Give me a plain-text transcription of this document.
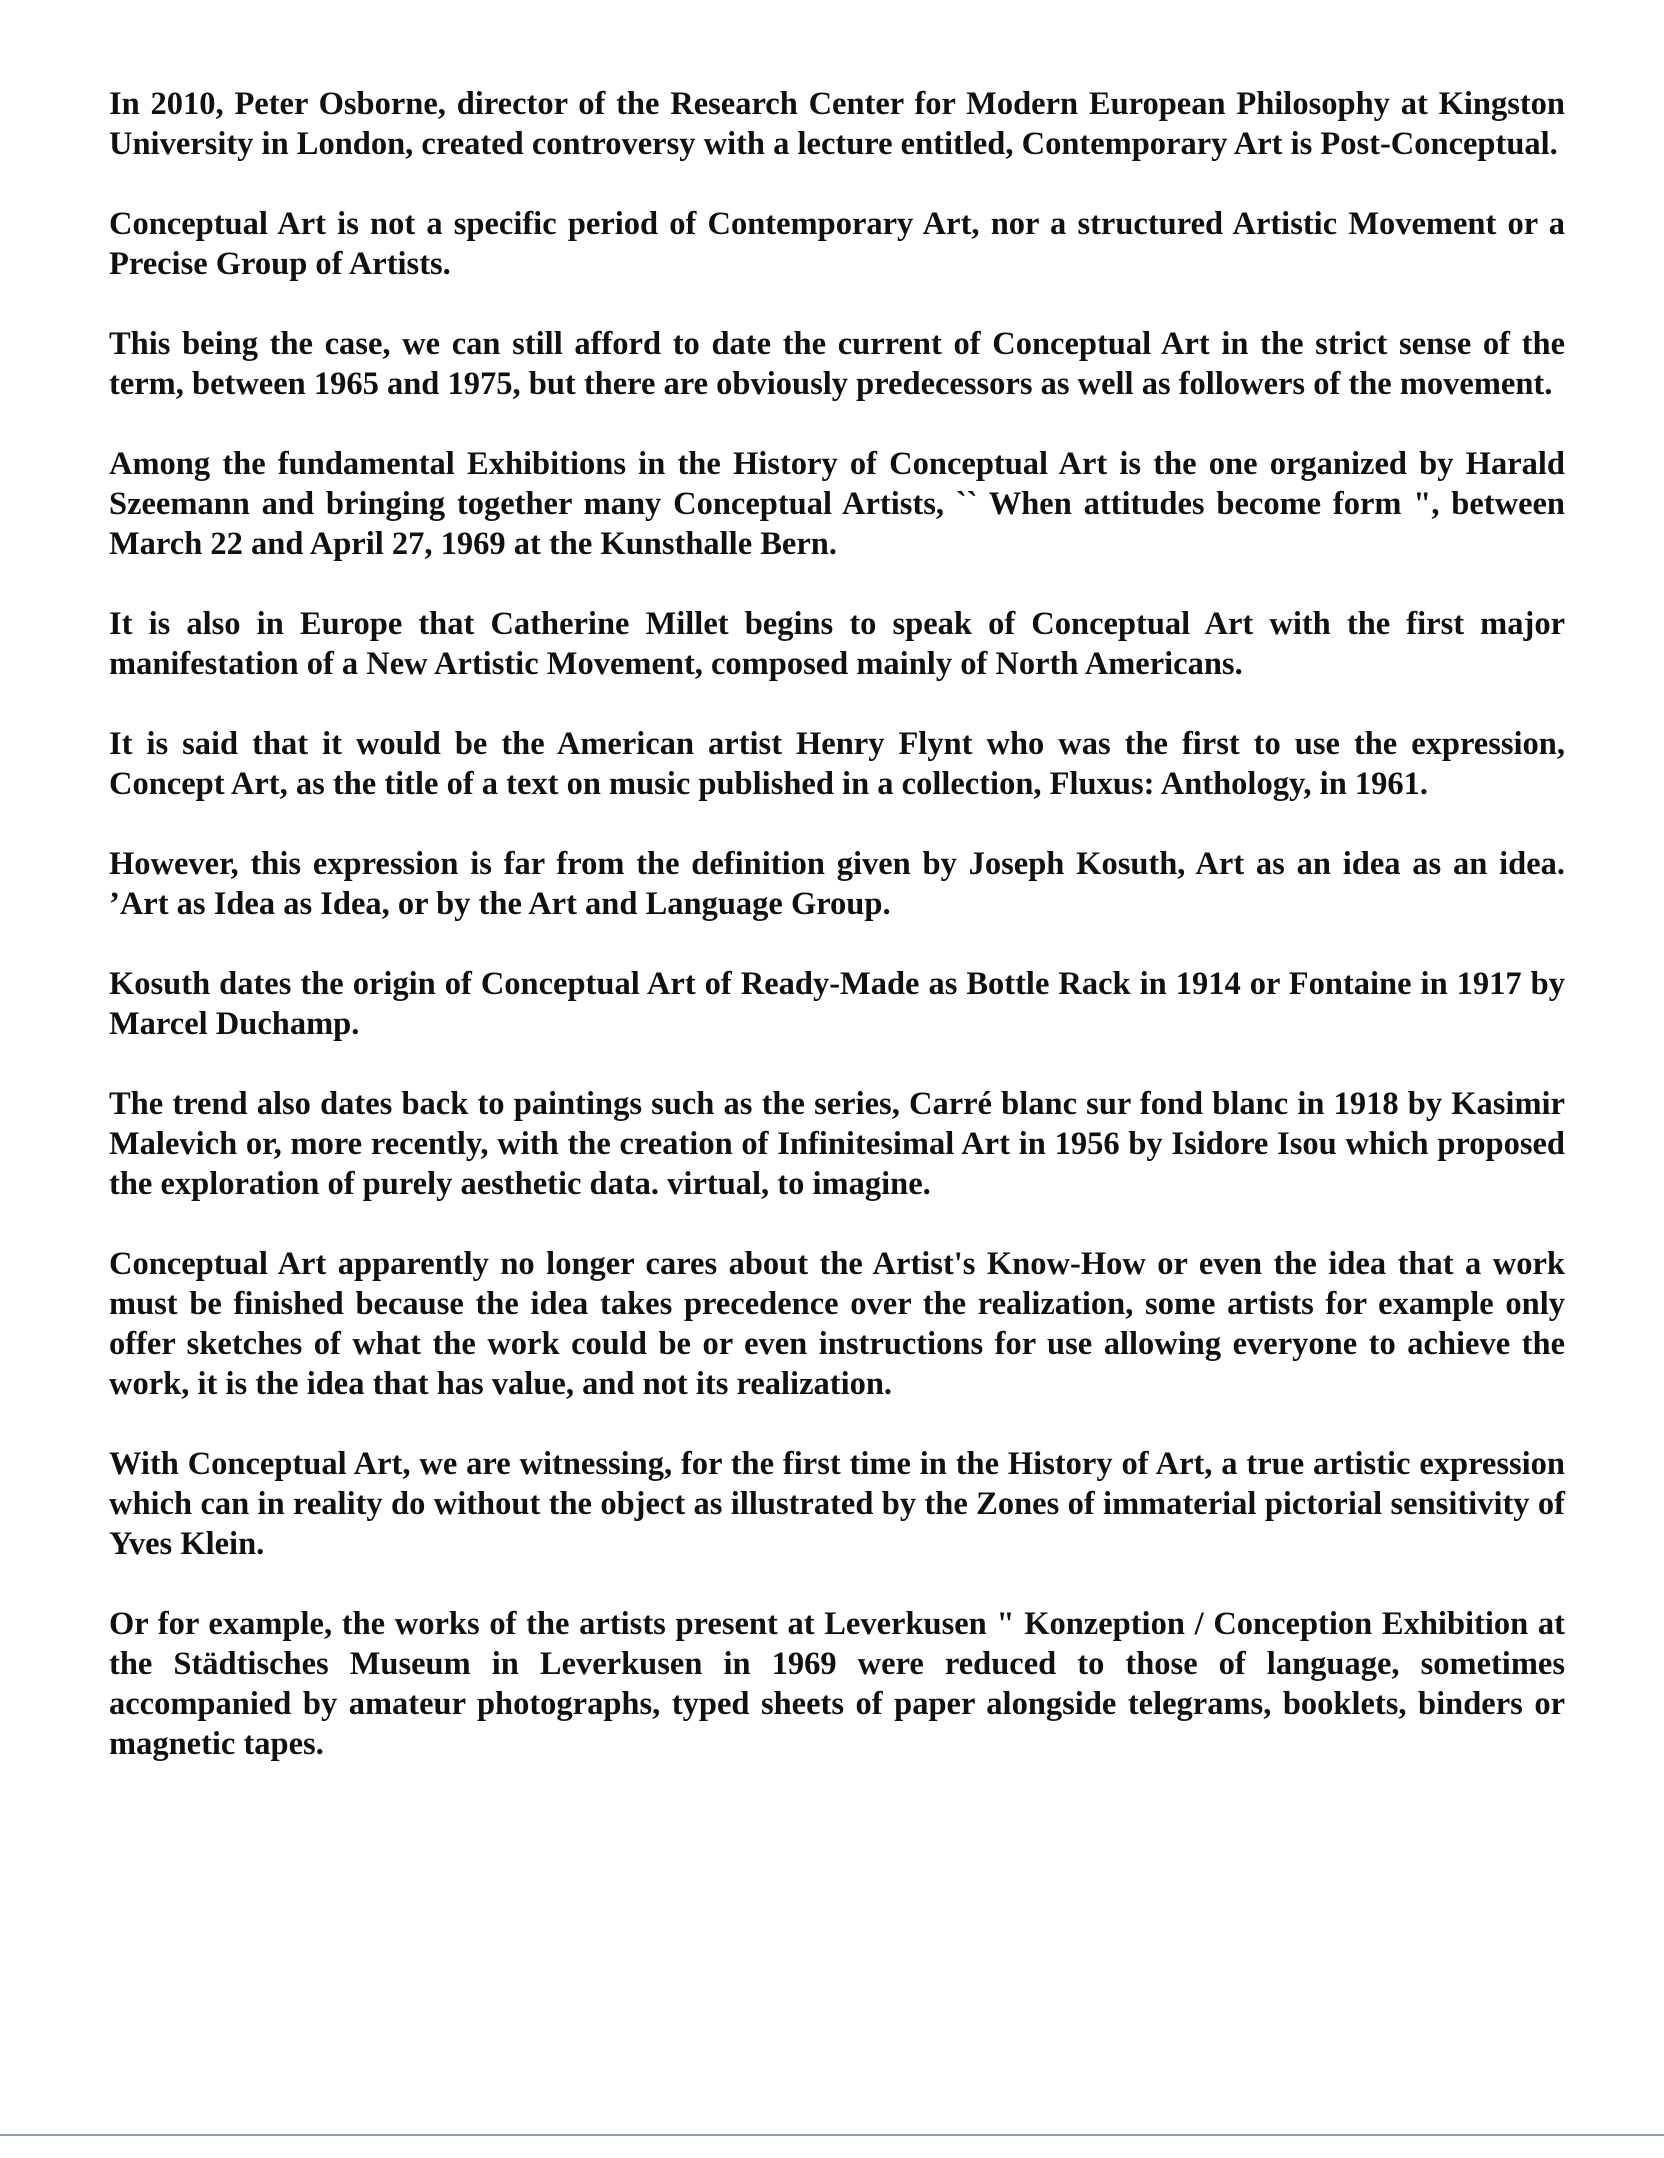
In 2010, Peter Osborne, director of the Research Center for Modern European Philosophy at Kingston University in London, created controversy with a lecture entitled, Contemporary Art is Post-Conceptual.

Conceptual Art is not a specific period of Contemporary Art, nor a structured Artistic Movement or a Precise Group of Artists.

This being the case, we can still afford to date the current of Conceptual Art in the strict sense of the term, between 1965 and 1975, but there are obviously predecessors as well as followers of the movement.

Among the fundamental Exhibitions in the History of Conceptual Art is the one organized by Harald Szeemann and bringing together many Conceptual Artists, `` When attitudes become form ", between March 22 and April 27, 1969 at the Kunsthalle Bern.

It is also in Europe that Catherine Millet begins to speak of Conceptual Art with the first major manifestation of a New Artistic Movement, composed mainly of North Americans.

It is said that it would be the American artist Henry Flynt who was the first to use the expression, Concept Art, as the title of a text on music published in a collection, Fluxus: Anthology, in 1961.

However, this expression is far from the definition given by Joseph Kosuth, Art as an idea as an idea. ’Art as Idea as Idea, or by the Art and Language Group.

Kosuth dates the origin of Conceptual Art of Ready-Made as Bottle Rack in 1914 or Fontaine in 1917 by Marcel Duchamp.

The trend also dates back to paintings such as the series, Carré blanc sur fond blanc in 1918 by Kasimir Malevich or, more recently, with the creation of Infinitesimal Art in 1956 by Isidore Isou which proposed the exploration of purely aesthetic data. virtual, to imagine.

Conceptual Art apparently no longer cares about the Artist's Know-How or even the idea that a work must be finished because the idea takes precedence over the realization, some artists for example only offer sketches of what the work could be or even instructions for use allowing everyone to achieve the work, it is the idea that has value, and not its realization.

With Conceptual Art, we are witnessing, for the first time in the History of Art, a true artistic expression which can in reality do without the object as illustrated by the Zones of immaterial pictorial sensitivity of Yves Klein.

Or for example, the works of the artists present at Leverkusen " Konzeption / Conception Exhibition at the Städtisches Museum in Leverkusen in 1969 were reduced to those of language, sometimes accompanied by amateur photographs, typed sheets of paper alongside telegrams, booklets, binders or magnetic tapes.
